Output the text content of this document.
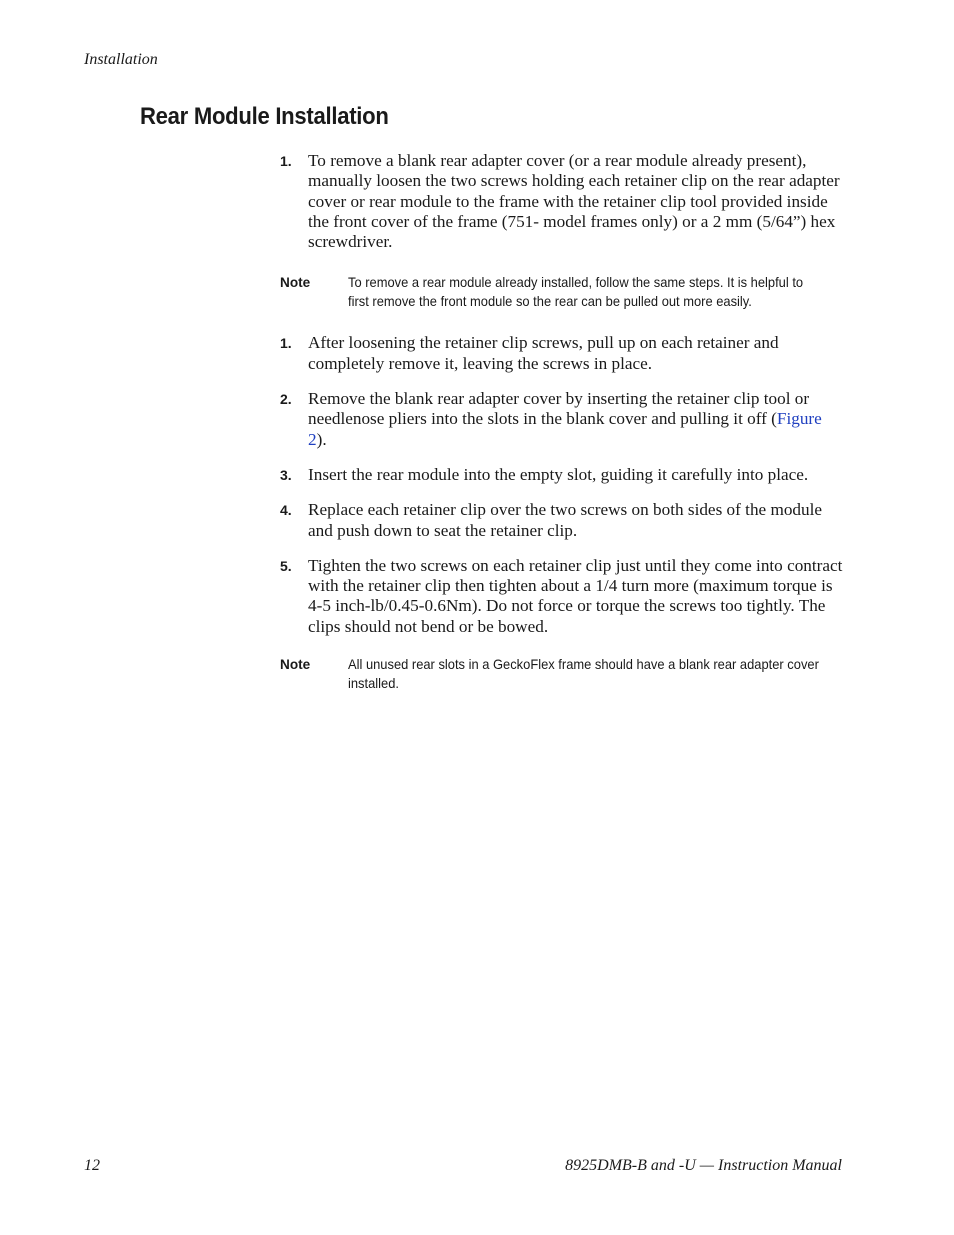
Installation
Rear Module Installation
1. To remove a blank rear adapter cover (or a rear module already present), manually loosen the two screws holding each retainer clip on the rear adapter cover or rear module to the frame with the retainer clip tool provided inside the front cover of the frame (751- model frames only) or a 2 mm (5/64”) hex screwdriver.
Note	To remove a rear module already installed, follow the same steps. It is helpful to first remove the front module so the rear can be pulled out more easily.
1. After loosening the retainer clip screws, pull up on each retainer and completely remove it, leaving the screws in place.
2. Remove the blank rear adapter cover by inserting the retainer clip tool or needlenose pliers into the slots in the blank cover and pulling it off (Figure 2).
3. Insert the rear module into the empty slot, guiding it carefully into place.
4. Replace each retainer clip over the two screws on both sides of the module and push down to seat the retainer clip.
5. Tighten the two screws on each retainer clip just until they come into contract with the retainer clip then tighten about a 1/4 turn more (maximum torque is 4-5 inch-lb/0.45-0.6Nm). Do not force or torque the screws too tightly. The clips should not bend or be bowed.
Note	All unused rear slots in a GeckoFlex frame should have a blank rear adapter cover installed.
12	8925DMB-B and -U — Instruction Manual
